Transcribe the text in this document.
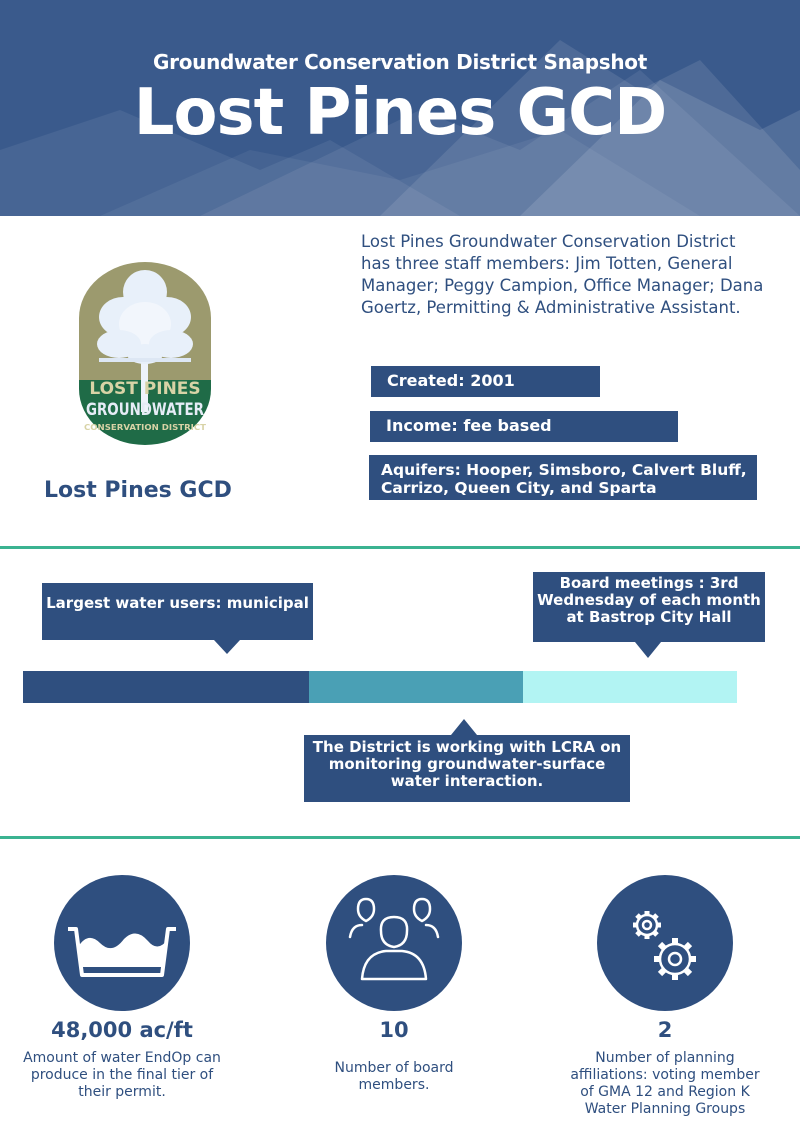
Groundwater Conservation District Snapshot
Lost Pines GCD
LOST PINES
GROUNDWATER
CONSERVATION DISTRICT
Lost Pines GCD
Lost Pines Groundwater Conservation District has three staff members: Jim Totten, General Manager; Peggy Campion, Office Manager; Dana Goertz, Permitting & Administrative Assistant.
Created: 2001
Income: fee based
Aquifers: Hooper, Simsboro, Calvert Bluff, Carrizo, Queen City, and Sparta
Largest water users: municipal
Board meetings : 3rd Wednesday of each month at Bastrop City Hall
The District is working with LCRA on monitoring groundwater-surface water interaction.
48,000 ac/ft
Amount of water EndOp can produce in the final tier of their permit.
10
Number of board members.
2
Number of planning affiliations: voting member of GMA 12 and Region K Water Planning Groups
